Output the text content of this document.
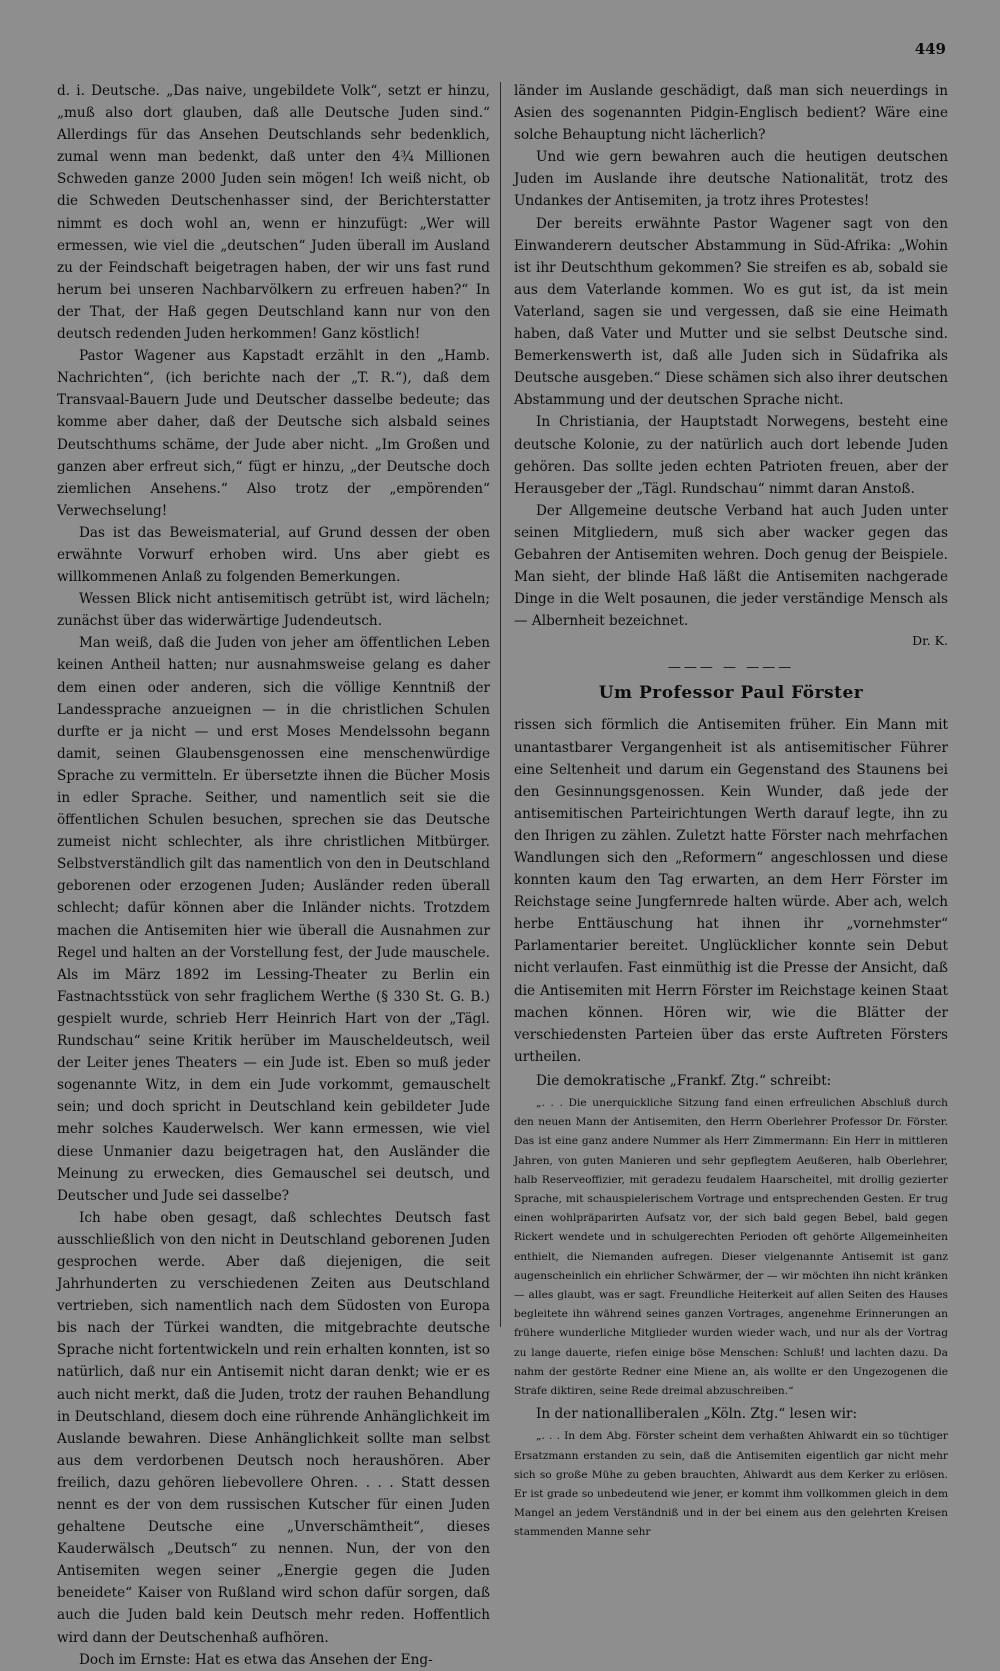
449

d. i. Deutsche. „Das naive, ungebildete Volk“, setzt er hinzu, „muß also dort glauben, daß alle Deutsche Juden sind.“ Allerdings für das Ansehen Deutschlands sehr bedenklich, zumal wenn man bedenkt, daß unter den 4¾ Millionen Schweden ganze 2000 Juden sein mögen! Ich weiß nicht, ob die Schweden Deutschenhasser sind, der Berichterstatter nimmt es doch wohl an, wenn er hinzufügt: „Wer will ermessen, wie viel die „deutschen“ Juden überall im Ausland zu der Feindschaft beigetragen haben, der wir uns fast rund herum bei unseren Nachbarvölkern zu erfreuen haben?“ In der That, der Haß gegen Deutschland kann nur von den deutsch redenden Juden herkommen! Ganz köstlich!

Pastor Wagener aus Kapstadt erzählt in den „Hamb. Nachrichten“, (ich berichte nach der „T. R.“), daß dem Transvaal-Bauern Jude und Deutscher dasselbe bedeute; das komme aber daher, daß der Deutsche sich alsbald seines Deutschthums schäme, der Jude aber nicht. „Im Großen und ganzen aber erfreut sich,“ fügt er hinzu, „der Deutsche doch ziemlichen Ansehens.“ Also trotz der „empörenden“ Verwechselung!

Das ist das Beweismaterial, auf Grund dessen der oben erwähnte Vorwurf erhoben wird. Uns aber giebt es willkommenen Anlaß zu folgenden Bemerkungen.

Wessen Blick nicht antisemitisch getrübt ist, wird lächeln; zunächst über das widerwärtige Judendeutsch.

Man weiß, daß die Juden von jeher am öffentlichen Leben keinen Antheil hatten; nur ausnahmsweise gelang es daher dem einen oder anderen, sich die völlige Kenntniß der Landessprache anzueignen — in die christlichen Schulen durfte er ja nicht — und erst Moses Mendelssohn begann damit, seinen Glaubensgenossen eine menschenwürdige Sprache zu vermitteln. Er übersetzte ihnen die Bücher Mosis in edler Sprache. Seither, und namentlich seit sie die öffentlichen Schulen besuchen, sprechen sie das Deutsche zumeist nicht schlechter, als ihre christlichen Mitbürger. Selbstverständlich gilt das namentlich von den in Deutschland geborenen oder erzogenen Juden; Ausländer reden überall schlecht; dafür können aber die Inländer nichts. Trotzdem machen die Antisemiten hier wie überall die Ausnahmen zur Regel und halten an der Vorstellung fest, der Jude mauschele. Als im März 1892 im Lessing-Theater zu Berlin ein Fastnachtsstück von sehr fraglichem Werthe (§ 330 St. G. B.) gespielt wurde, schrieb Herr Heinrich Hart von der „Tägl. Rundschau“ seine Kritik herüber im Mauscheldeutsch, weil der Leiter jenes Theaters — ein Jude ist. Eben so muß jeder sogenannte Witz, in dem ein Jude vorkommt, gemauschelt sein; und doch spricht in Deutschland kein gebildeter Jude mehr solches Kauderwelsch. Wer kann ermessen, wie viel diese Unmanier dazu beigetragen hat, den Ausländer die Meinung zu erwecken, dies Gemauschel sei deutsch, und Deutscher und Jude sei dasselbe?

Ich habe oben gesagt, daß schlechtes Deutsch fast ausschließlich von den nicht in Deutschland geborenen Juden gesprochen werde. Aber daß diejenigen, die seit Jahrhunderten zu verschiedenen Zeiten aus Deutschland vertrieben, sich namentlich nach dem Südosten von Europa bis nach der Türkei wandten, die mitgebrachte deutsche Sprache nicht fortentwickeln und rein erhalten konnten, ist so natürlich, daß nur ein Antisemit nicht daran denkt; wie er es auch nicht merkt, daß die Juden, trotz der rauhen Behandlung in Deutschland, diesem doch eine rührende Anhänglichkeit im Auslande bewahren. Diese Anhänglichkeit sollte man selbst aus dem verdorbenen Deutsch noch heraushören. Aber freilich, dazu gehören liebevollere Ohren. . . . Statt dessen nennt es der von dem russischen Kutscher für einen Juden gehaltene Deutsche eine „Unverschämtheit“, dieses Kauderwälsch „Deutsch“ zu nennen. Nun, der von den Antisemiten wegen seiner „Energie gegen die Juden beneidete“ Kaiser von Rußland wird schon dafür sorgen, daß auch die Juden bald kein Deutsch mehr reden. Hoffentlich wird dann der Deutschenhaß aufhören.

Doch im Ernste: Hat es etwa das Ansehen der Eng-

länder im Auslande geschädigt, daß man sich neuerdings in Asien des sogenannten Pidgin-Englisch bedient? Wäre eine solche Behauptung nicht lächerlich?

Und wie gern bewahren auch die heutigen deutschen Juden im Auslande ihre deutsche Nationalität, trotz des Undankes der Antisemiten, ja trotz ihres Protestes!

Der bereits erwähnte Pastor Wagener sagt von den Einwanderern deutscher Abstammung in Süd-Afrika: „Wohin ist ihr Deutschthum gekommen? Sie streifen es ab, sobald sie aus dem Vaterlande kommen. Wo es gut ist, da ist mein Vaterland, sagen sie und vergessen, daß sie eine Heimath haben, daß Vater und Mutter und sie selbst Deutsche sind. Bemerkenswerth ist, daß alle Juden sich in Südafrika als Deutsche ausgeben.“ Diese schämen sich also ihrer deutschen Abstammung und der deutschen Sprache nicht.

In Christiania, der Hauptstadt Norwegens, besteht eine deutsche Kolonie, zu der natürlich auch dort lebende Juden gehören. Das sollte jeden echten Patrioten freuen, aber der Herausgeber der „Tägl. Rundschau“ nimmt daran Anstoß.

Der Allgemeine deutsche Verband hat auch Juden unter seinen Mitgliedern, muß sich aber wacker gegen das Gebahren der Antisemiten wehren. Doch genug der Beispiele. Man sieht, der blinde Haß läßt die Antisemiten nachgerade Dinge in die Welt posaunen, die jeder verständige Mensch als — Albernheit bezeichnet.

Dr. K.

——— — ———
Um Professor Paul Förster

rissen sich förmlich die Antisemiten früher. Ein Mann mit unantastbarer Vergangenheit ist als antisemitischer Führer eine Seltenheit und darum ein Gegenstand des Staunens bei den Gesinnungsgenossen. Kein Wunder, daß jede der antisemitischen Parteirichtungen Werth darauf legte, ihn zu den Ihrigen zu zählen. Zuletzt hatte Förster nach mehrfachen Wandlungen sich den „Reformern“ angeschlossen und diese konnten kaum den Tag erwarten, an dem Herr Förster im Reichstage seine Jungfernrede halten würde. Aber ach, welch herbe Enttäuschung hat ihnen ihr „vornehmster“ Parlamentarier bereitet. Unglücklicher konnte sein Debut nicht verlaufen. Fast einmüthig ist die Presse der Ansicht, daß die Antisemiten mit Herrn Förster im Reichstage keinen Staat machen können. Hören wir, wie die Blätter der verschiedensten Parteien über das erste Auftreten Försters urtheilen.

Die demokratische „Frankf. Ztg.“ schreibt:

„. . . Die unerquickliche Sitzung fand einen erfreulichen Abschluß durch den neuen Mann der Antisemiten, den Herrn Oberlehrer Professor Dr. Förster. Das ist eine ganz andere Nummer als Herr Zimmermann: Ein Herr in mittleren Jahren, von guten Manieren und sehr gepflegtem Aeußeren, halb Oberlehrer, halb Reserveoffizier, mit geradezu feudalem Haarscheitel, mit drollig gezierter Sprache, mit schauspielerischem Vortrage und entsprechenden Gesten. Er trug einen wohlpräparirten Aufsatz vor, der sich bald gegen Bebel, bald gegen Rickert wendete und in schulgerechten Perioden oft gehörte Allgemeinheiten enthielt, die Niemanden aufregen. Dieser vielgenannte Antisemit ist ganz augenscheinlich ein ehrlicher Schwärmer, der — wir möchten ihn nicht kränken — alles glaubt, was er sagt. Freundliche Heiterkeit auf allen Seiten des Hauses begleitete ihn während seines ganzen Vortrages, angenehme Erinnerungen an frühere wunderliche Mitglieder wurden wieder wach, und nur als der Vortrag zu lange dauerte, riefen einige böse Menschen: Schluß! und lachten dazu. Da nahm der gestörte Redner eine Miene an, als wollte er den Ungezogenen die Strafe diktiren, seine Rede dreimal abzuschreiben.“

In der nationalliberalen „Köln. Ztg.“ lesen wir:

„. . . In dem Abg. Förster scheint dem verhaßten Ahlwardt ein so tüchtiger Ersatzmann erstanden zu sein, daß die Antisemiten eigentlich gar nicht mehr sich so große Mühe zu geben brauchten, Ahlwardt aus dem Kerker zu erlösen. Er ist grade so unbedeutend wie jener, er kommt ihm vollkommen gleich in dem Mangel an jedem Verständniß und in der bei einem aus den gelehrten Kreisen stammenden Manne sehr
